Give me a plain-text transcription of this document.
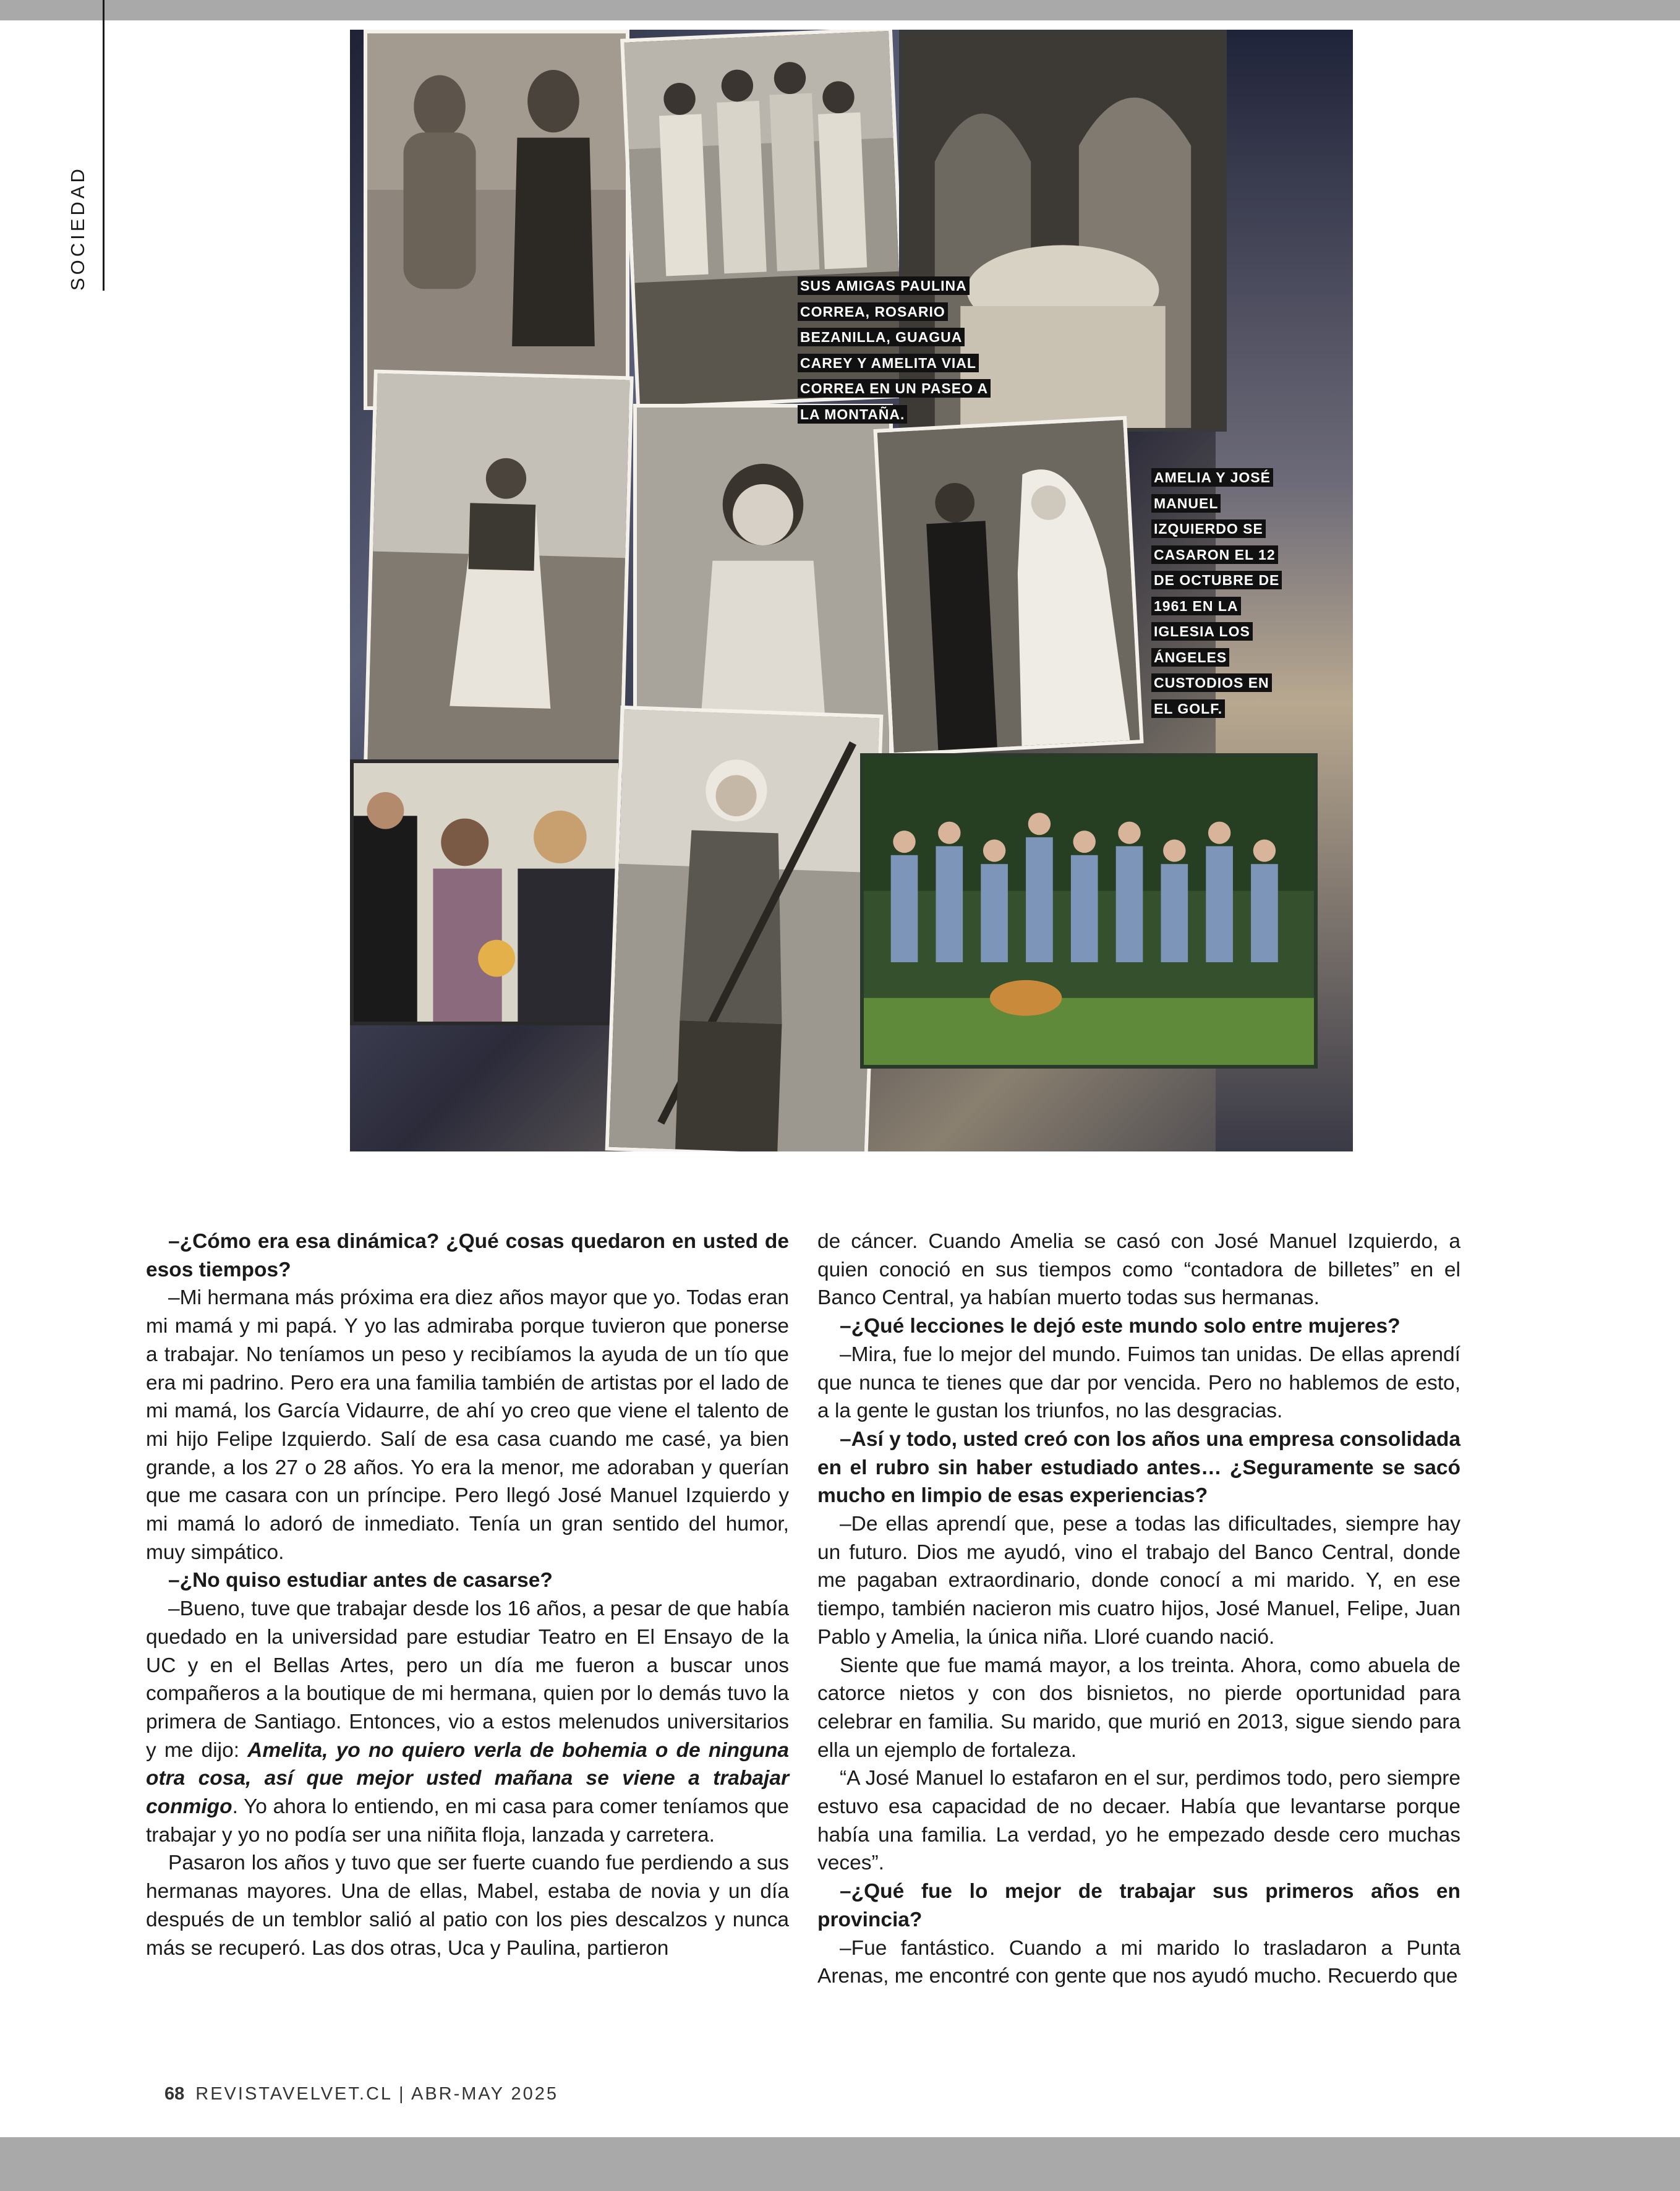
SOCIEDAD	SUS AMIGAS PAULINA CORREA, ROSARIO BEZANILLA, GUAGUA CAREY Y AMELITA VIAL CORREA EN UN PASEO A LA MONTAÑA.

AMELIA Y JOSÉ MANUEL IZQUIERDO SE CASARON EL 12 DE OCTUBRE DE 1961 EN LA IGLESIA LOS ÁNGELES CUSTODIOS EN EL GOLF.

–¿Cómo era esa dinámica? ¿Qué cosas quedaron en usted de esos tiempos?

–Mi hermana más próxima era diez años mayor que yo. Todas eran mi mamá y mi papá. Y yo las admiraba porque tuvieron que ponerse a trabajar. No teníamos un peso y recibíamos la ayuda de un tío que era mi padrino. Pero era una familia también de artistas por el lado de mi mamá, los García Vidaurre, de ahí yo creo que viene el talento de mi hijo Felipe Izquierdo. Salí de esa casa cuando me casé, ya bien grande, a los 27 o 28 años. Yo era la menor, me adoraban y querían que me casara con un príncipe. Pero llegó José Manuel Izquierdo y mi mamá lo adoró de inmediato. Tenía un gran sentido del humor, muy simpático.

–¿No quiso estudiar antes de casarse?

–Bueno, tuve que trabajar desde los 16 años, a pesar de que había quedado en la universidad pare estudiar Teatro en El Ensayo de la UC y en el Bellas Artes, pero un día me fueron a buscar unos compañeros a la boutique de mi hermana, quien por lo demás tuvo la primera de Santiago. Entonces, vio a estos melenudos universitarios y me dijo: Amelita, yo no quiero verla de bohemia o de ninguna otra cosa, así que mejor usted mañana se viene a trabajar conmigo. Yo ahora lo entiendo, en mi casa para comer teníamos que trabajar y yo no podía ser una niñita floja, lanzada y carretera.

Pasaron los años y tuvo que ser fuerte cuando fue perdiendo a sus hermanas mayores. Una de ellas, Mabel, estaba de novia y un día después de un temblor salió al patio con los pies descalzos y nunca más se recuperó. Las dos otras, Uca y Paulina, partieron

de cáncer. Cuando Amelia se casó con José Manuel Izquierdo, a quien conoció en sus tiempos como “contadora de billetes” en el Banco Central, ya habían muerto todas sus hermanas.

–¿Qué lecciones le dejó este mundo solo entre mujeres?

–Mira, fue lo mejor del mundo. Fuimos tan unidas. De ellas aprendí que nunca te tienes que dar por vencida. Pero no hablemos de esto, a la gente le gustan los triunfos, no las desgracias.

–Así y todo, usted creó con los años una empresa consolidada en el rubro sin haber estudiado antes… ¿Seguramente se sacó mucho en limpio de esas experiencias?

–De ellas aprendí que, pese a todas las dificultades, siempre hay un futuro. Dios me ayudó, vino el trabajo del Banco Central, donde me pagaban extraordinario, donde conocí a mi marido. Y, en ese tiempo, también nacieron mis cuatro hijos, José Manuel, Felipe, Juan Pablo y Amelia, la única niña. Lloré cuando nació.

Siente que fue mamá mayor, a los treinta. Ahora, como abuela de catorce nietos y con dos bisnietos, no pierde oportunidad para celebrar en familia. Su marido, que murió en 2013, sigue siendo para ella un ejemplo de fortaleza.

“A José Manuel lo estafaron en el sur, perdimos todo, pero siempre estuvo esa capacidad de no decaer. Había que levantarse porque había una familia. La verdad, yo he empezado desde cero muchas veces”.

–¿Qué fue lo mejor de trabajar sus primeros años en provincia?

–Fue fantástico. Cuando a mi marido lo trasladaron a Punta Arenas, me encontré con gente que nos ayudó mucho. Recuerdo que

68 REVISTAVELVET.CL | ABR-MAY 2025
